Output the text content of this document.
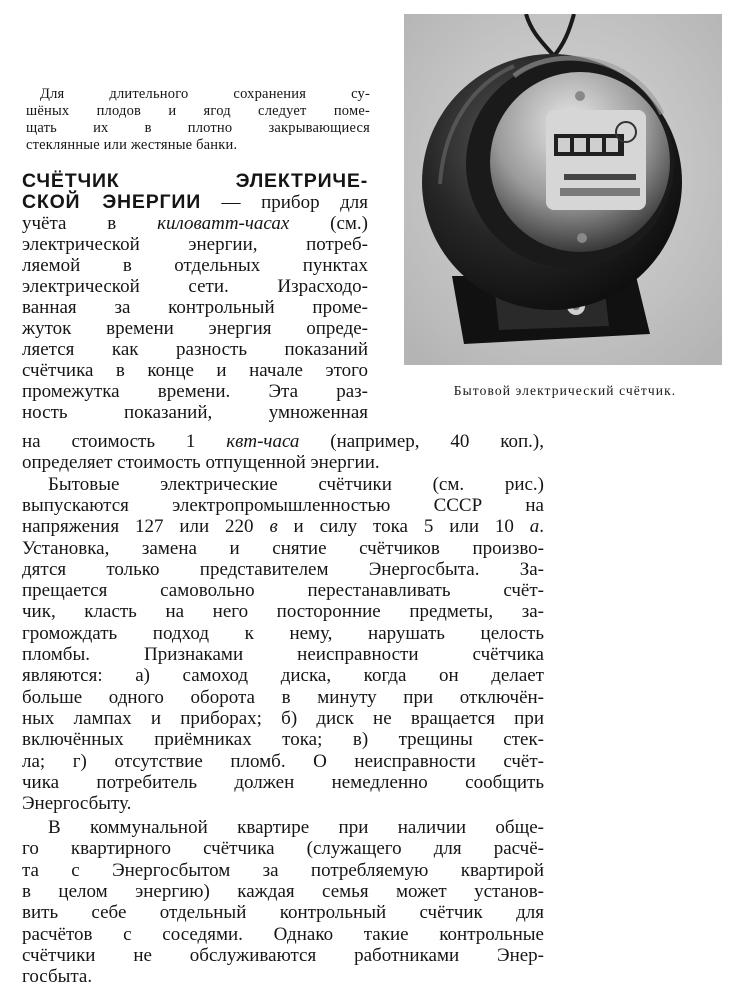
Для длительного сохранения су-
шёных плодов и ягод следует поме-
щать их в плотно закрывающиеся
стеклянные или жестяные банки.
СЧЁТЧИК ЭЛЕКТРИЧЕ-
СКОЙ ЭНЕРГИИ — прибор для
учёта в киловатт-часах (см.)
электрической энергии, потреб-
ляемой в отдельных пунктах
электрической сети. Израсходо-
ванная за контрольный проме-
жуток времени энергия опреде-
ляется как разность показаний
счётчика в конце и начале этого
промежутка времени. Эта раз-
ность показаний, умноженная
Бытовой электрический счётчик.
на стоимость 1 квт-часа (например, 40 коп.),
определяет стоимость отпущенной энергии.
Бытовые электрические счётчики (см. рис.)
выпускаются электропромышленностью СССР на
напряжения 127 или 220 в и силу тока 5 или 10 а.
Установка, замена и снятие счётчиков произво-
дятся только представителем Энергосбыта. За-
прещается самовольно перестанавливать счёт-
чик, класть на него посторонние предметы, за-
громождать подход к нему, нарушать целость
пломбы. Признаками неисправности счётчика
являются: а) самоход диска, когда он делает
больше одного оборота в минуту при отключён-
ных лампах и приборах; б) диск не вращается при
включённых приёмниках тока; в) трещины стек-
ла; г) отсутствие пломб. О неисправности счёт-
чика потребитель должен немедленно сообщить
Энергосбыту.
В коммунальной квартире при наличии обще-
го квартирного счётчика (служащего для расчё-
та с Энергосбытом за потребляемую квартирой
в целом энергию) каждая семья может установ-
вить себе отдельный контрольный счётчик для
расчётов с соседями. Однако такие контрольные
счётчики не обслуживаются работниками Энер-
госбыта.
